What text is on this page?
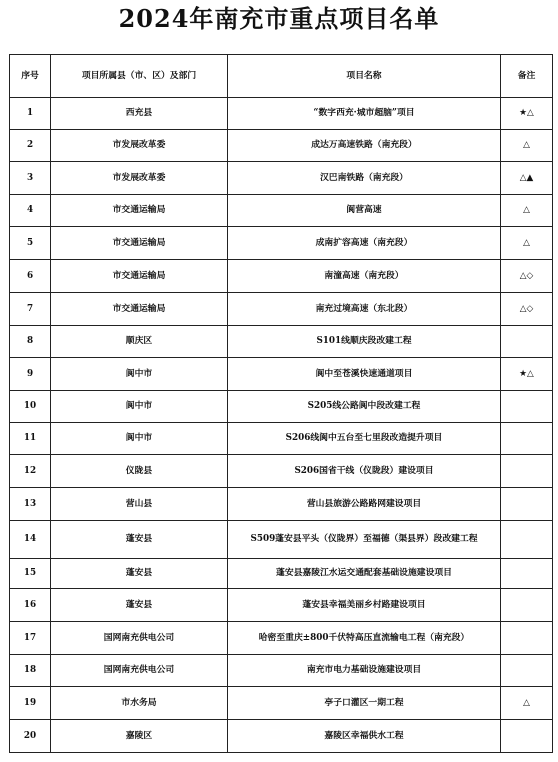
2024年南充市重点项目名单
序号	项目所属县（市、区）及部门	项目名称	备注
1	西充县	“数字西充·城市超脑”项目	★△
2	市发展改革委	成达万高速铁路（南充段）	△
3	市发展改革委	汉巴南铁路（南充段）	△▲
4	市交通运输局	阆营高速	△
5	市交通运输局	成南扩容高速（南充段）	△
6	市交通运输局	南潼高速（南充段）	△◇
7	市交通运输局	南充过境高速（东北段）	△◇
8	顺庆区	S101线顺庆段改建工程	
9	阆中市	阆中至苍溪快速通道项目	★△
10	阆中市	S205线公路阆中段改建工程	
11	阆中市	S206线阆中五台至七里段改造提升项目	
12	仪陇县	S206国省干线（仪陇段）建设项目	
13	营山县	营山县旅游公路路网建设项目	
14	蓬安县	S509蓬安县平头（仪陇界）至福德（渠县界）段改建工程	
15	蓬安县	蓬安县嘉陵江水运交通配套基础设施建设项目	
16	蓬安县	蓬安县幸福美丽乡村路建设项目	
17	国网南充供电公司	哈密至重庆±800千伏特高压直流输电工程（南充段）	
18	国网南充供电公司	南充市电力基础设施建设项目	
19	市水务局	亭子口灌区一期工程	△
20	嘉陵区	嘉陵区幸福供水工程	
